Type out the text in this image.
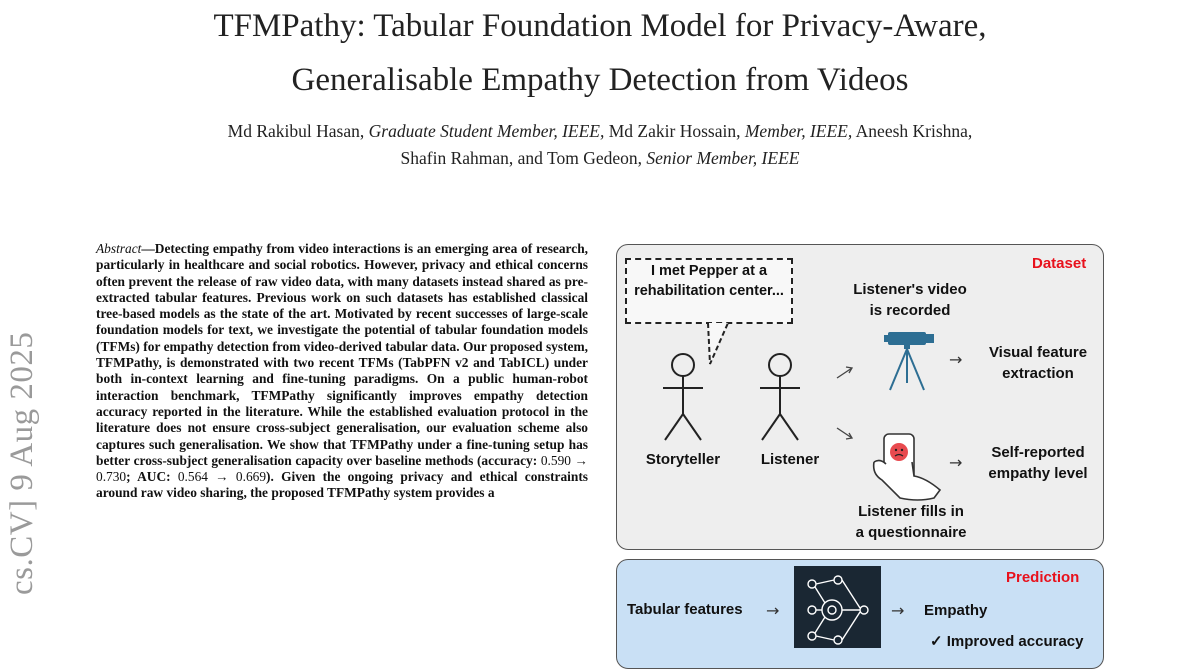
TFMPathy: Tabular Foundation Model for Privacy-Aware,
Generalisable Empathy Detection from Videos
Md Rakibul Hasan, Graduate Student Member, IEEE, Md Zakir Hossain, Member, IEEE, Aneesh Krishna,
Shafin Rahman, and Tom Gedeon, Senior Member, IEEE
cs.CV] 9 Aug 2025
Abstract—Detecting empathy from video interactions is an emerging area of research, particularly in healthcare and social robotics. However, privacy and ethical concerns often prevent the release of raw video data, with many datasets instead shared as pre-extracted tabular features. Previous work on such datasets has established classical tree-based models as the state of the art. Motivated by recent successes of large-scale foundation models for text, we investigate the potential of tabular foundation models (TFMs) for empathy detection from video-derived tabular data. Our proposed system, TFMPathy, is demonstrated with two recent TFMs (TabPFN v2 and TabICL) under both in-context learning and fine-tuning paradigms. On a public human-robot interaction benchmark, TFMPathy significantly improves empathy detection accuracy reported in the literature. While the established evaluation protocol in the literature does not ensure cross-subject generalisation, our evaluation scheme also captures such generalisation. We show that TFMPathy under a fine-tuning setup has better cross-subject generalisation capacity over baseline methods (accuracy: 0.590 → 0.730; AUC: 0.564 → 0.669). Given the ongoing privacy and ethical constraints around raw video sharing, the proposed TFMPathy system provides a
Dataset
I met Pepper at a rehabilitation center...
Storyteller	Listener
Listener's video
is recorded
→	Visual feature
extraction
→
Self-reported
empathy level
Listener fills in
a questionnaire
Prediction
Tabular features →	→ Empathy
✓ Improved accuracy
